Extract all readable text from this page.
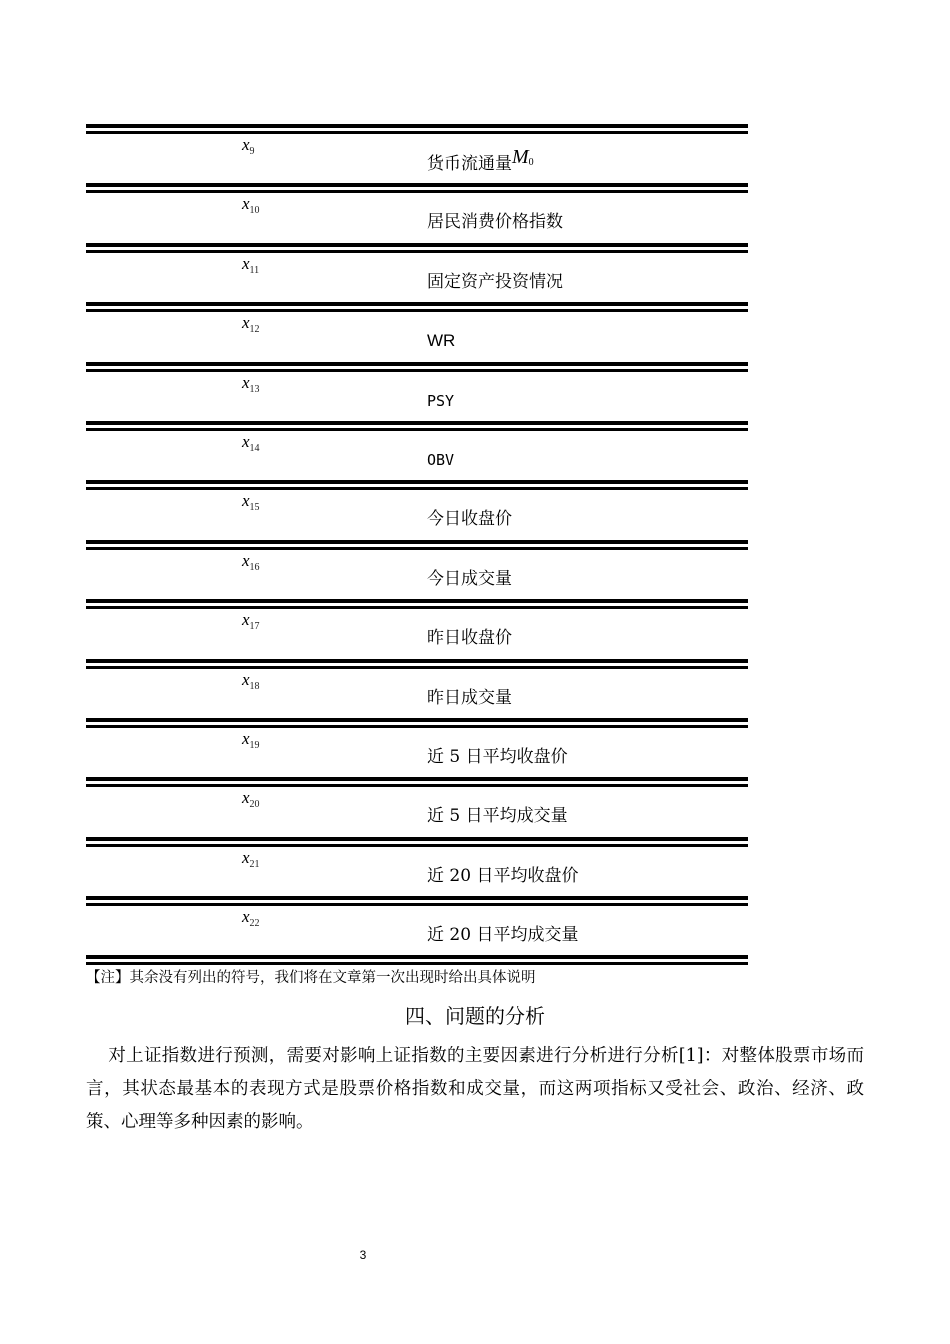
$x_9$
货币流通量$M_0$
$x_{10}$
居民消费价格指数
$x_{11}$
固定资产投资情况
$x_{12}$
WR
$x_{13}$
PSY
$x_{14}$
OBV
$x_{15}$
今日收盘价
$x_{16}$
今日成交量
$x_{17}$
昨日收盘价
$x_{18}$
昨日成交量
$x_{19}$
近 5 日平均收盘价
$x_{20}$
近 5 日平均成交量
$x_{21}$
近 20 日平均收盘价
$x_{22}$
近 20 日平均成交量
【注】其余没有列出的符号，我们将在文章第一次出现时给出具体说明
四、问题的分析

对上证指数进行预测，需要对影响上证指数的主要因素进行分析进行分析[1]：对整体股票市场而言，其状态最基本的表现方式是股票价格指数和成交量，而这两项指标又受社会、政治、经济、政策、心理等多种因素的影响。

3
